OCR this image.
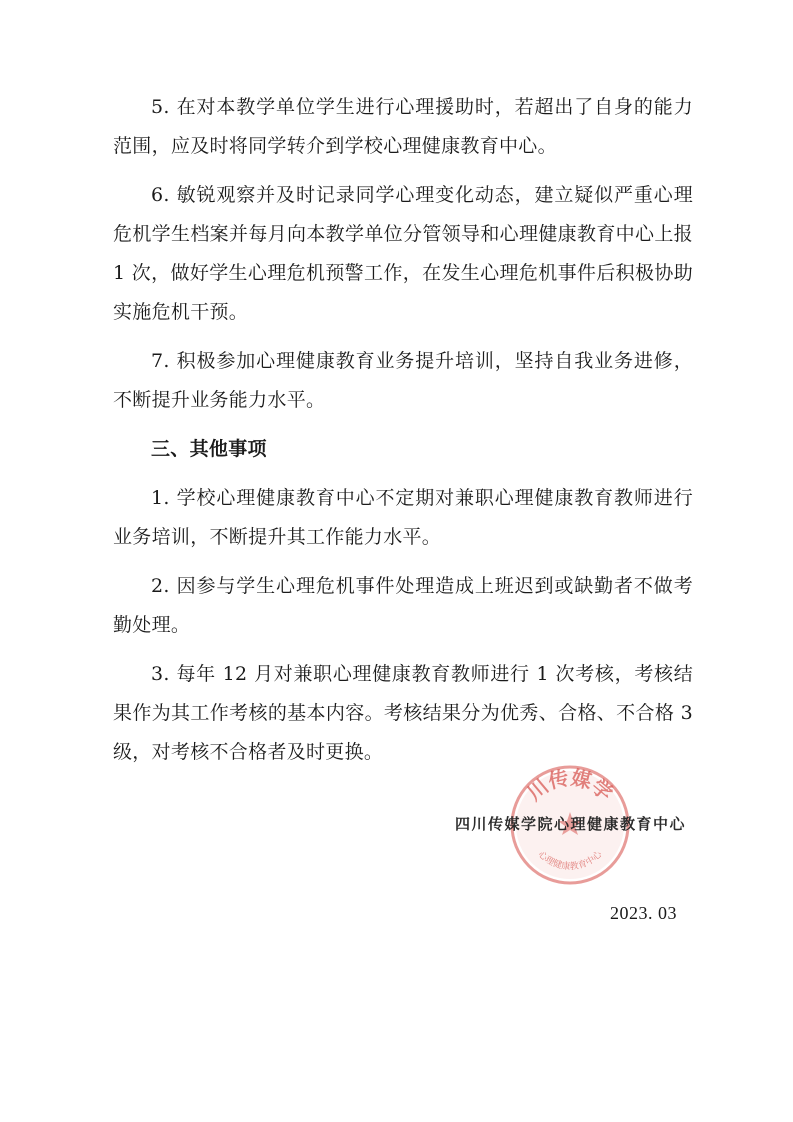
5. 在对本教学单位学生进行心理援助时，若超出了自身的能力范围，应及时将同学转介到学校心理健康教育中心。

6. 敏锐观察并及时记录同学心理变化动态，建立疑似严重心理危机学生档案并每月向本教学单位分管领导和心理健康教育中心上报 1 次，做好学生心理危机预警工作，在发生心理危机事件后积极协助实施危机干预。

7. 积极参加心理健康教育业务提升培训，坚持自我业务进修，不断提升业务能力水平。

三、其他事项

1. 学校心理健康教育中心不定期对兼职心理健康教育教师进行业务培训，不断提升其工作能力水平。

2. 因参与学生心理危机事件处理造成上班迟到或缺勤者不做考勤处理。

3. 每年 12 月对兼职心理健康教育教师进行 1 次考核，考核结果作为其工作考核的基本内容。考核结果分为优秀、合格、不合格 3 级，对考核不合格者及时更换。

川传媒学
心理健康教育中心
四川传媒学院心理健康教育中心
2023. 03
